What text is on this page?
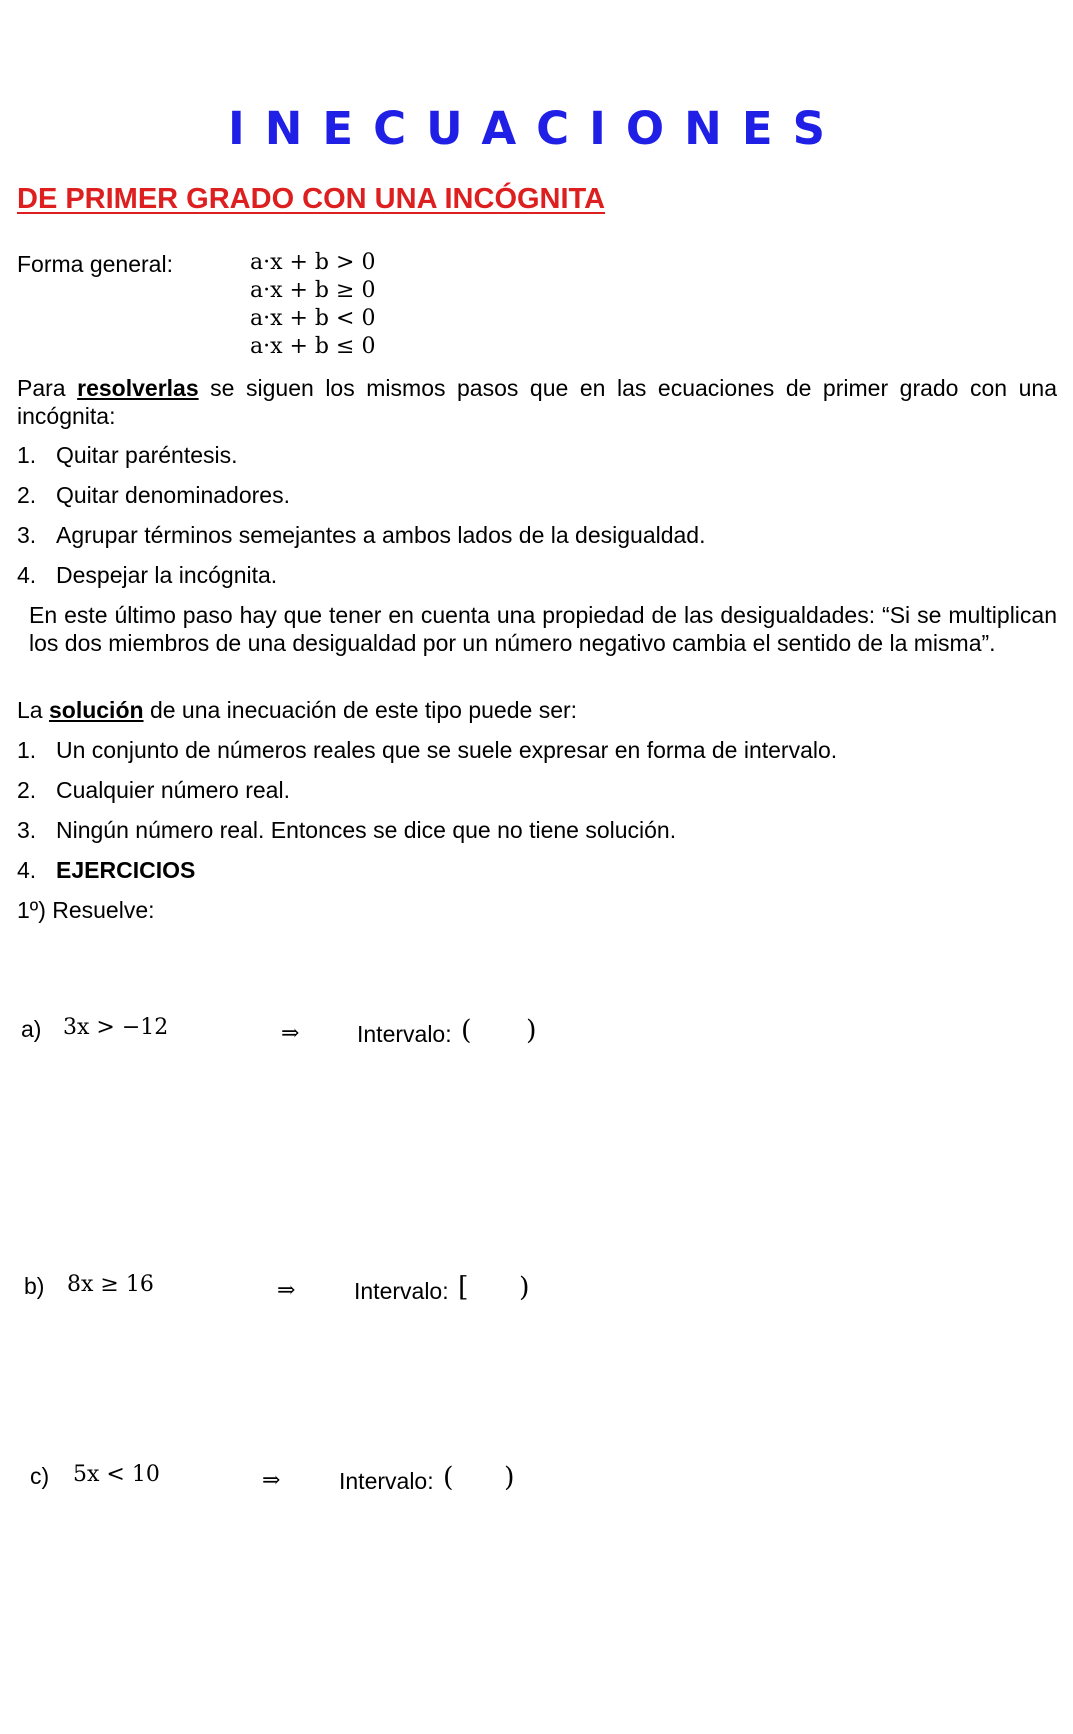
INECUACIONES
DE PRIMER GRADO CON UNA INCÓGNITA
Forma general:	a·x + b > 0
a·x + b ≥ 0
a·x + b < 0
a·x + b ≤ 0
Para resolverlas se siguen los mismos pasos que en las ecuaciones de primer grado con una incógnita:
1. Quitar paréntesis.
2. Quitar denominadores.
3. Agrupar términos semejantes a ambos lados de la desigualdad.
4. Despejar la incógnita.
En este último paso hay que tener en cuenta una propiedad de las desigualdades: “Si se multiplican los dos miembros de una desigualdad por un número negativo cambia el sentido de la misma”.
La solución de una inecuación de este tipo puede ser:
1. Un conjunto de números reales que se suele expresar en forma de intervalo.
2. Cualquier número real.
3. Ningún número real. Entonces se dice que no tiene solución.
4. EJERCICIOS
1º) Resuelve:
a) 3x > −12	⇒	Intervalo: ( )
b) 8x ≥ 16	⇒	Intervalo: [ )
c) 5x < 10	⇒	Intervalo: ( )
